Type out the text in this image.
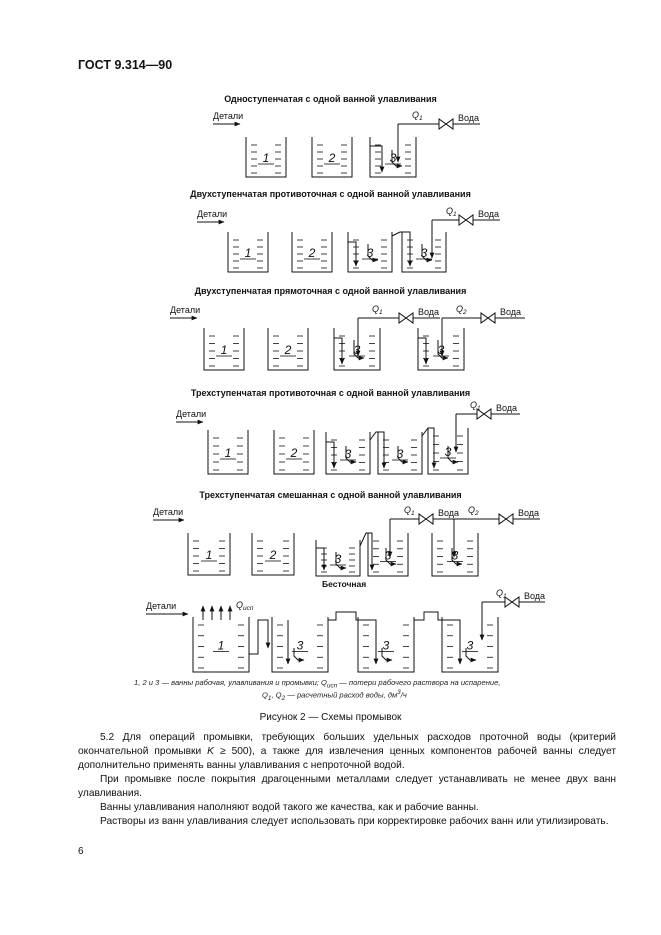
ГОСТ 9.314—90
Одноступенчатая с одной ванной улавливания
Двухступенчатая противоточная с одной ванной улавливания
Двухступенчатая прямоточная с одной ванной улавливания
Трехступенчатая противоточная с одной ванной улавливания
Трехступенчатая смешанная с одной ванной улавливания
Детали
1	2	3
$Q_1$	Вода
Детали
1	2	3	3
$Q_1$ Вода
Детали
1	2	3	3
$Q_1$	Вода $Q_2$	Вода
Детали
1	2	3	3	3
$Q_1$ Вода
Детали
1	2	3	3	3
$Q_1$	Вода $Q_2$	Вода
Бесточная
Детали
1	3	3	3
$Q_{исп}$
$Q_1$ Вода
1, 2 и 3 — ванны рабочая, улавливания и промывки; $Q_{исп}$ — потери рабочего раствора на испарение,
$Q_1$, $Q_2$ — расчетный расход воды, $дм^3/ч$
Рисунок 2 — Схемы промывок
5.2 Для операций промывки, требующих больших удельных расходов проточной воды (критерий окончательной промывки K ≥ 500), а также для извлечения ценных компонентов рабочей ванны следует дополнительно применять ванны улавливания с непроточной водой.
При промывке после покрытия драгоценными металлами следует устанавливать не менее двух ванн улавливания.
Ванны улавливания наполняют водой такого же качества, как и рабочие ванны.
Растворы из ванн улавливания следует использовать при корректировке рабочих ванн или утилизировать.
6
